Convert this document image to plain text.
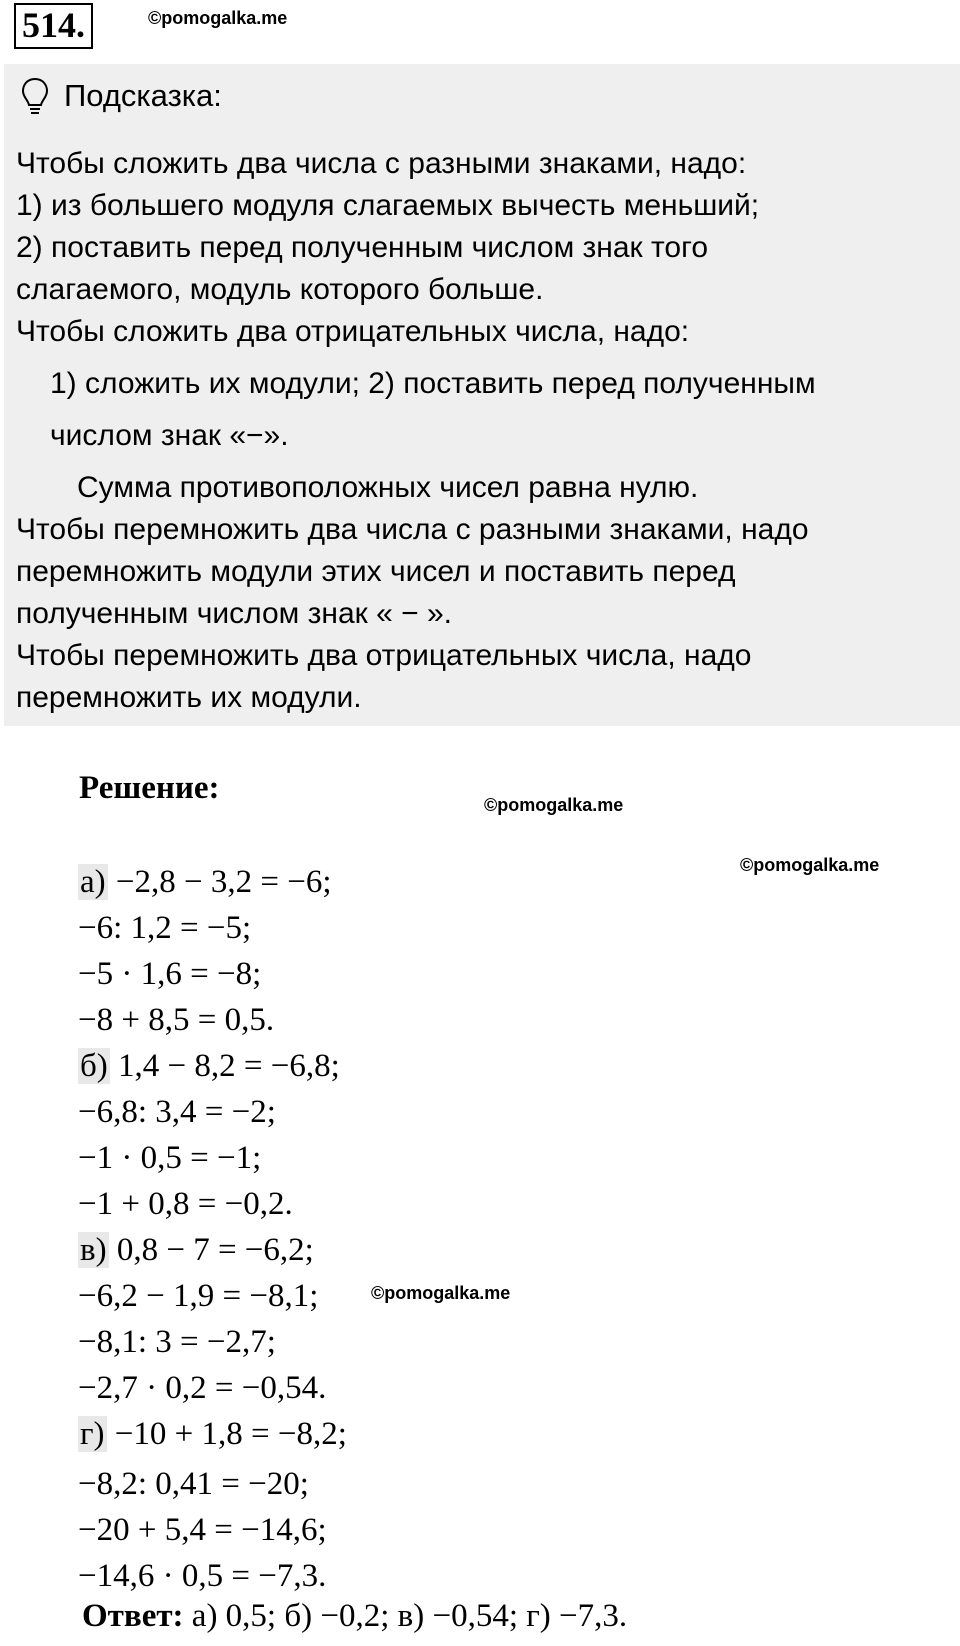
514.	©pomogalka.me
Подсказка:
Чтобы сложить два числа с разными знаками, надо:
1) из большего модуля слагаемых вычесть меньший;
2) поставить перед полученным числом знак того
слагаемого, модуль которого больше.
Чтобы сложить два отрицательных числа, надо:
1) сложить их модули; 2) поставить перед полученным
числом знак «−».
Сумма противоположных чисел равна нулю.
Чтобы перемножить два числа с разными знаками, надо
перемножить модули этих чисел и поставить перед
полученным числом знак « − ».
Чтобы перемножить два отрицательных числа, надо
перемножить их модули.
Решение:	©pomogalka.me
©pomogalka.me
а) −2,8 − 3,2 = −6;
−6: 1,2 = −5;
−5 · 1,6 = −8;
−8 + 8,5 = 0,5.
б) 1,4 − 8,2 = −6,8;
−6,8: 3,4 = −2;
−1 · 0,5 = −1;
−1 + 0,8 = −0,2.
в) 0,8 − 7 = −6,2;
−6,2 − 1,9 = −8,1;	©pomogalka.me
−8,1: 3 = −2,7;
−2,7 · 0,2 = −0,54.
г) −10 + 1,8 = −8,2;
−8,2: 0,41 = −20;
−20 + 5,4 = −14,6;
−14,6 · 0,5 = −7,3.
Ответ: а) 0,5; б) −0,2; в) −0,54; г) −7,3.
